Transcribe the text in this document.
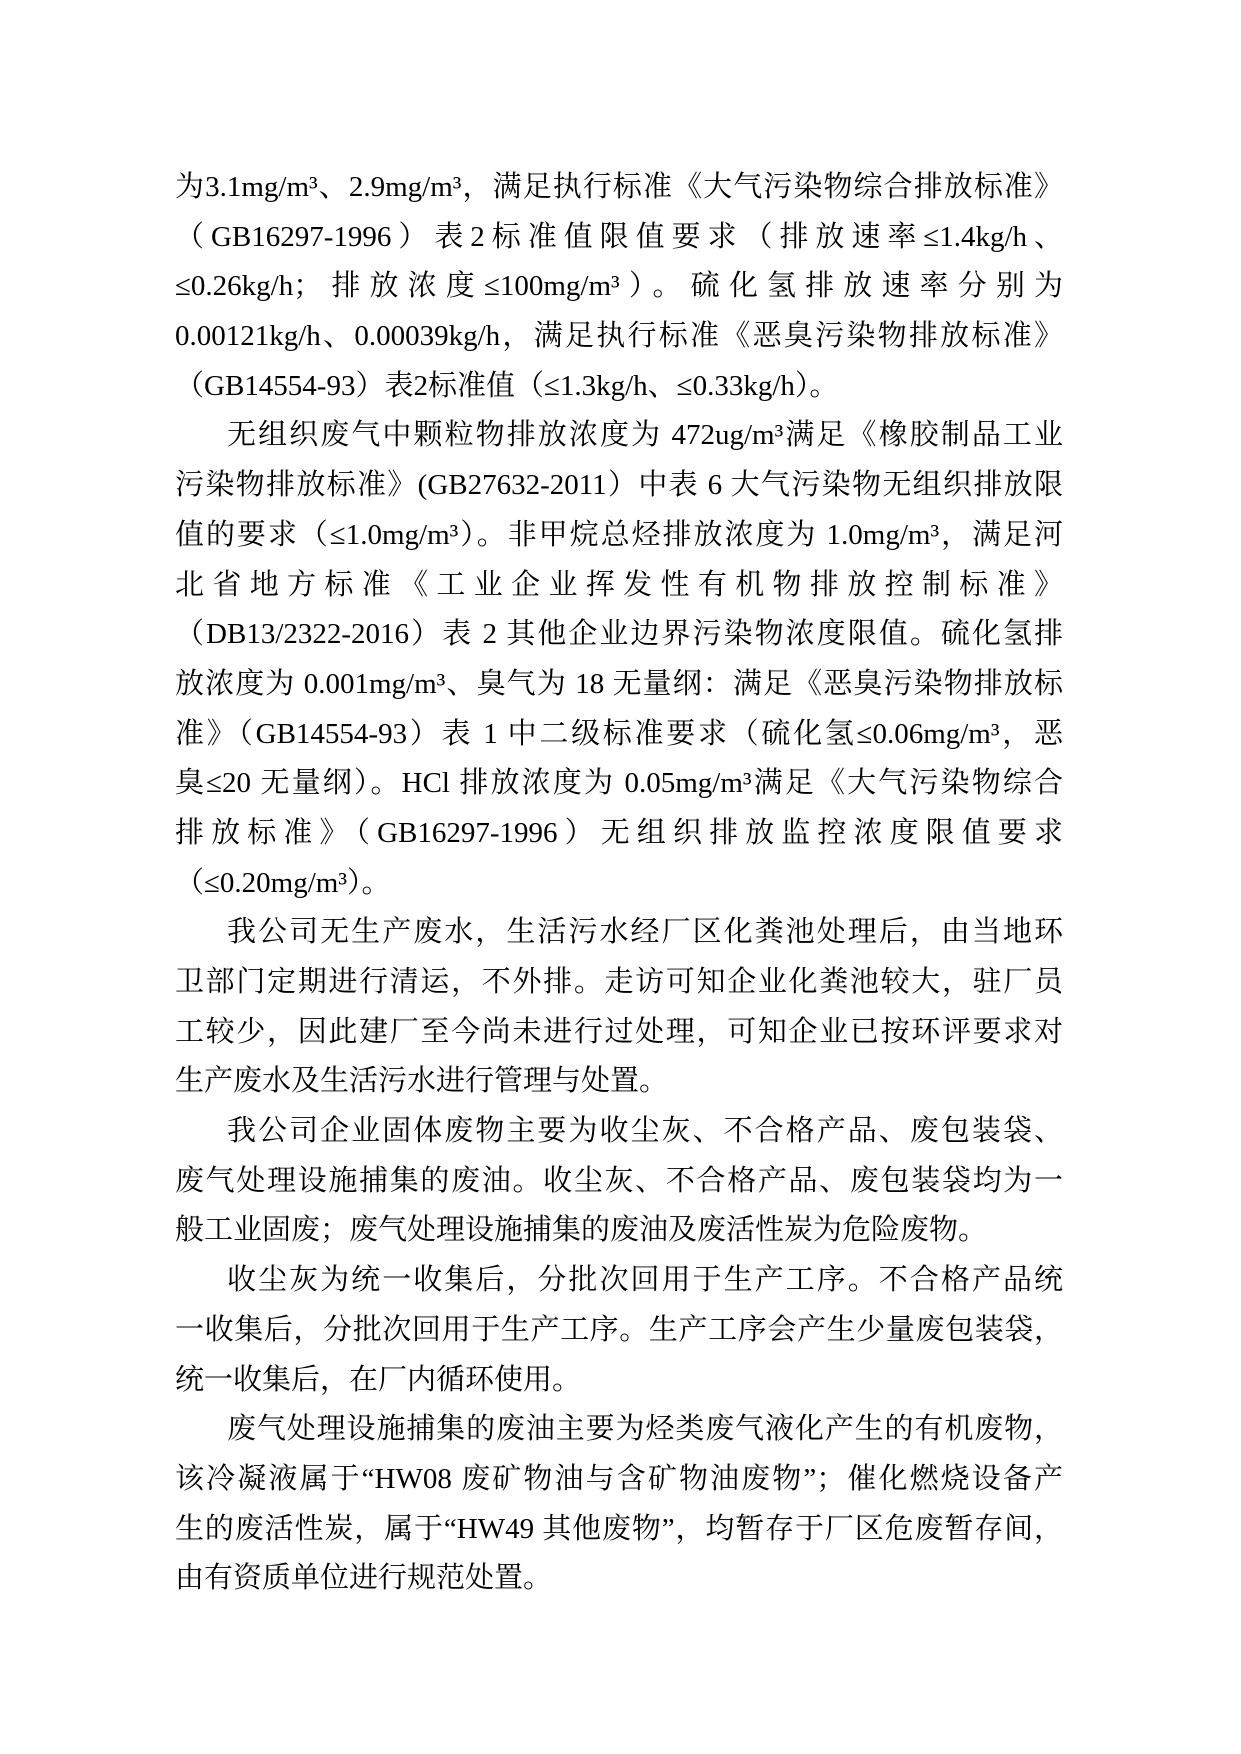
为3.1mg/m³、2.9mg/m³，满足执行标准《大气污染物综合排放标准》
（GB16297-1996）表2标准值限值要求（排放速率≤1.4kg/h、
≤0.26kg/h；排放浓度≤100mg/m³）。硫化氢排放速率分别为
0.00121kg/h、0.00039kg/h，满足执行标准《恶臭污染物排放标准》
（GB14554-93）表2标准值（≤1.3kg/h、≤0.33kg/h）。
无组织废气中颗粒物排放浓度为 472ug/m³满足《橡胶制品工业
污染物排放标准》(GB27632-2011）中表 6 大气污染物无组织排放限
值的要求（≤1.0mg/m³）。非甲烷总烃排放浓度为 1.0mg/m³，满足河
北省地方标准《工业企业挥发性有机物排放控制标准》
（DB13/2322-2016）表 2 其他企业边界污染物浓度限值。硫化氢排
放浓度为 0.001mg/m³、臭气为 18 无量纲：满足《恶臭污染物排放标
准》（GB14554-93）表 1 中二级标准要求（硫化氢≤0.06mg/m³，恶
臭≤20 无量纲）。HCl 排放浓度为 0.05mg/m³满足《大气污染物综合
排放标准》（GB16297-1996）无组织排放监控浓度限值要求
（≤0.20mg/m³）。
我公司无生产废水，生活污水经厂区化粪池处理后，由当地环
卫部门定期进行清运，不外排。走访可知企业化粪池较大，驻厂员
工较少，因此建厂至今尚未进行过处理，可知企业已按环评要求对
生产废水及生活污水进行管理与处置。
我公司企业固体废物主要为收尘灰、不合格产品、废包装袋、
废气处理设施捕集的废油。收尘灰、不合格产品、废包装袋均为一
般工业固废；废气处理设施捕集的废油及废活性炭为危险废物。
收尘灰为统一收集后，分批次回用于生产工序。不合格产品统
一收集后，分批次回用于生产工序。生产工序会产生少量废包装袋，
统一收集后，在厂内循环使用。
废气处理设施捕集的废油主要为烃类废气液化产生的有机废物，
该冷凝液属于“HW08 废矿物油与含矿物油废物”；催化燃烧设备产
生的废活性炭，属于“HW49 其他废物”，均暂存于厂区危废暂存间，
由有资质单位进行规范处置。
